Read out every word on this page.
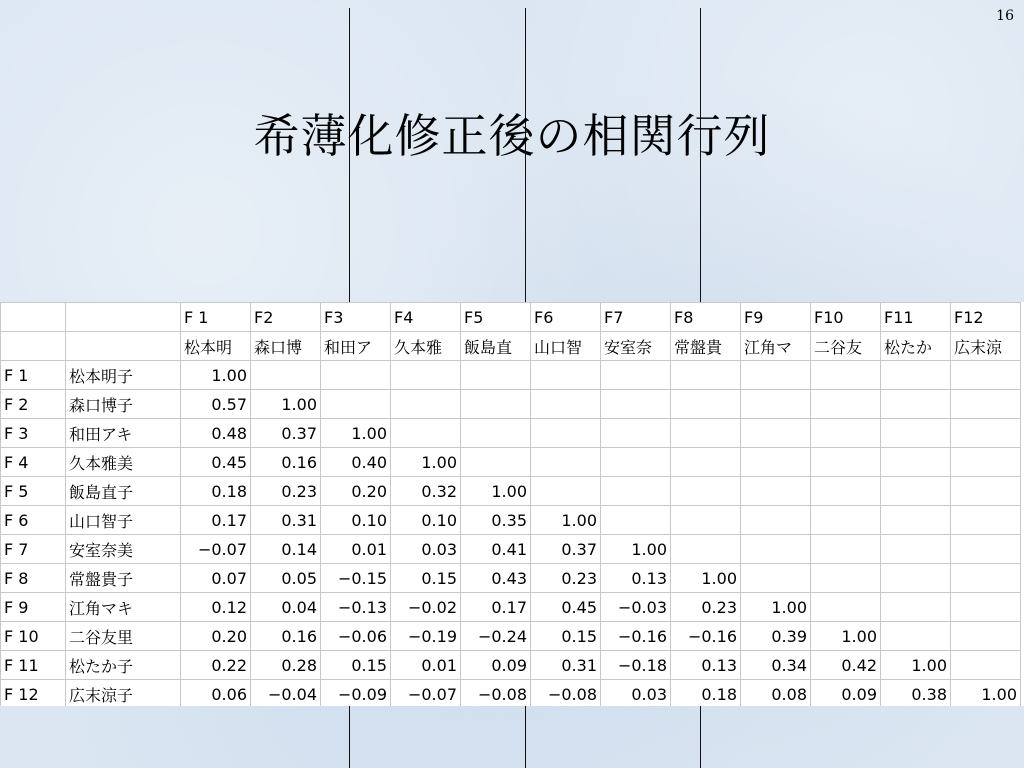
16
希薄化修正後の相関行列
		F 1	F2	F3	F4	F5	F6	F7	F8	F9	F10	F11	F12
		松本明	森口博	和田ア	久本雅	飯島直	山口智	安室奈	常盤貴	江角マ	二谷友	松たか	広末涼
F 1	松本明子	1.00											
F 2	森口博子	0.57	1.00										
F 3	和田アキ	0.48	0.37	1.00									
F 4	久本雅美	0.45	0.16	0.40	1.00								
F 5	飯島直子	0.18	0.23	0.20	0.32	1.00							
F 6	山口智子	0.17	0.31	0.10	0.10	0.35	1.00						
F 7	安室奈美	−0.07	0.14	0.01	0.03	0.41	0.37	1.00					
F 8	常盤貴子	0.07	0.05	−0.15	0.15	0.43	0.23	0.13	1.00				
F 9	江角マキ	0.12	0.04	−0.13	−0.02	0.17	0.45	−0.03	0.23	1.00			
F 10	二谷友里	0.20	0.16	−0.06	−0.19	−0.24	0.15	−0.16	−0.16	0.39	1.00		
F 11	松たか子	0.22	0.28	0.15	0.01	0.09	0.31	−0.18	0.13	0.34	0.42	1.00	
F 12	広末涼子	0.06	−0.04	−0.09	−0.07	−0.08	−0.08	0.03	0.18	0.08	0.09	0.38	1.00
